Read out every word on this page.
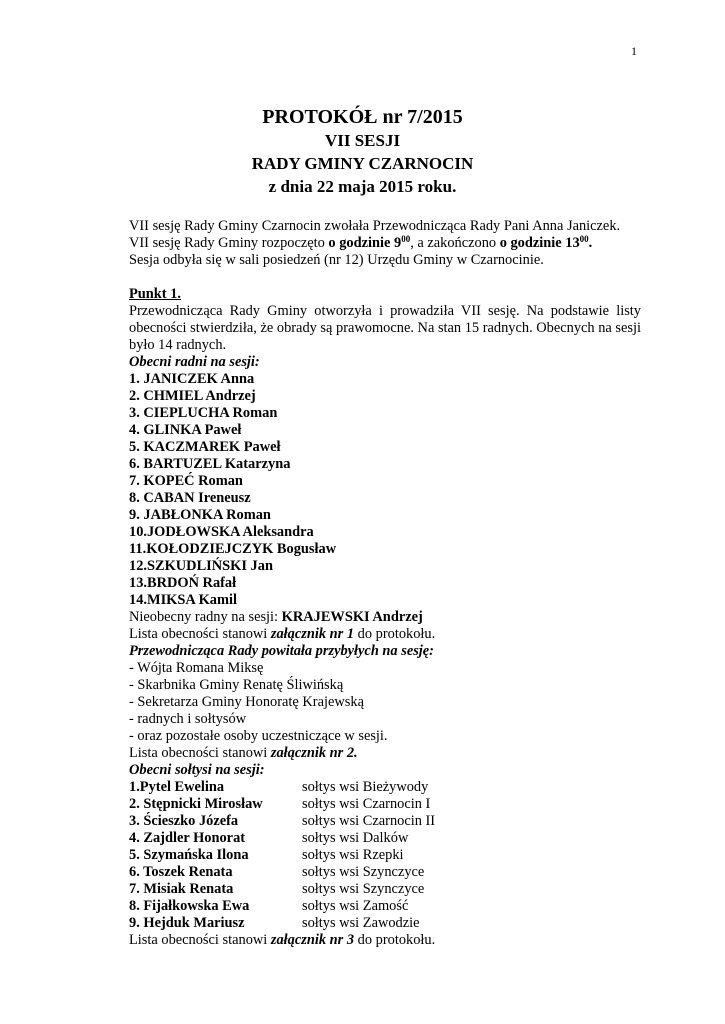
1
PROTOKÓŁ nr 7/2015
VII SESJI
RADY GMINY CZARNOCIN
z dnia 22 maja 2015 roku.
VII sesję Rady Gminy Czarnocin zwołała Przewodnicząca Rady Pani Anna Janiczek.
VII sesję Rady Gminy rozpoczęto o godzinie $9^{00}$, a zakończono o godzinie $13^{00}$.
Sesja odbyła się w sali posiedzeń (nr 12) Urzędu Gminy w Czarnocinie.
Punkt 1.
Przewodnicząca Rady Gminy otworzyła i prowadziła VII sesję. Na podstawie listy obecności stwierdziła, że obrady są prawomocne. Na stan 15 radnych. Obecnych na sesji było 14 radnych.
Obecni radni na sesji:
1. JANICZEK Anna
2. CHMIEL Andrzej
3. CIEPLUCHA Roman
4. GLINKA Paweł
5. KACZMAREK Paweł
6. BARTUZEL Katarzyna
7. KOPEĆ Roman
8. CABAN Ireneusz
9. JABŁONKA Roman
10.JODŁOWSKA Aleksandra
11.KOŁODZIEJCZYK Bogusław
12.SZKUDLIŃSKI Jan
13.BRDOŃ Rafał
14.MIKSA Kamil
Nieobecny radny na sesji: KRAJEWSKI Andrzej
Lista obecności stanowi załącznik nr 1 do protokołu.
Przewodnicząca Rady powitała przybyłych na sesję:
- Wójta Romana Miksę
- Skarbnika Gminy Renatę Śliwińską
- Sekretarza Gminy Honoratę Krajewską
- radnych i sołtysów
- oraz pozostałe osoby uczestniczące w sesji.
Lista obecności stanowi załącznik nr 2.
Obecni sołtysi na sesji:
1.Pytel Ewelina	sołtys wsi Bieżywody
2. Stępnicki Mirosław	sołtys wsi Czarnocin I
3. Ścieszko Józefa	sołtys wsi Czarnocin II
4. Zajdler Honorat	sołtys wsi Dalków
5. Szymańska Ilona	sołtys wsi Rzepki
6. Toszek Renata	sołtys wsi Szynczyce
7. Misiak Renata	sołtys wsi Szynczyce
8. Fijałkowska Ewa	sołtys wsi Zamość
9. Hejduk Mariusz	sołtys wsi Zawodzie
Lista obecności stanowi załącznik nr 3 do protokołu.
